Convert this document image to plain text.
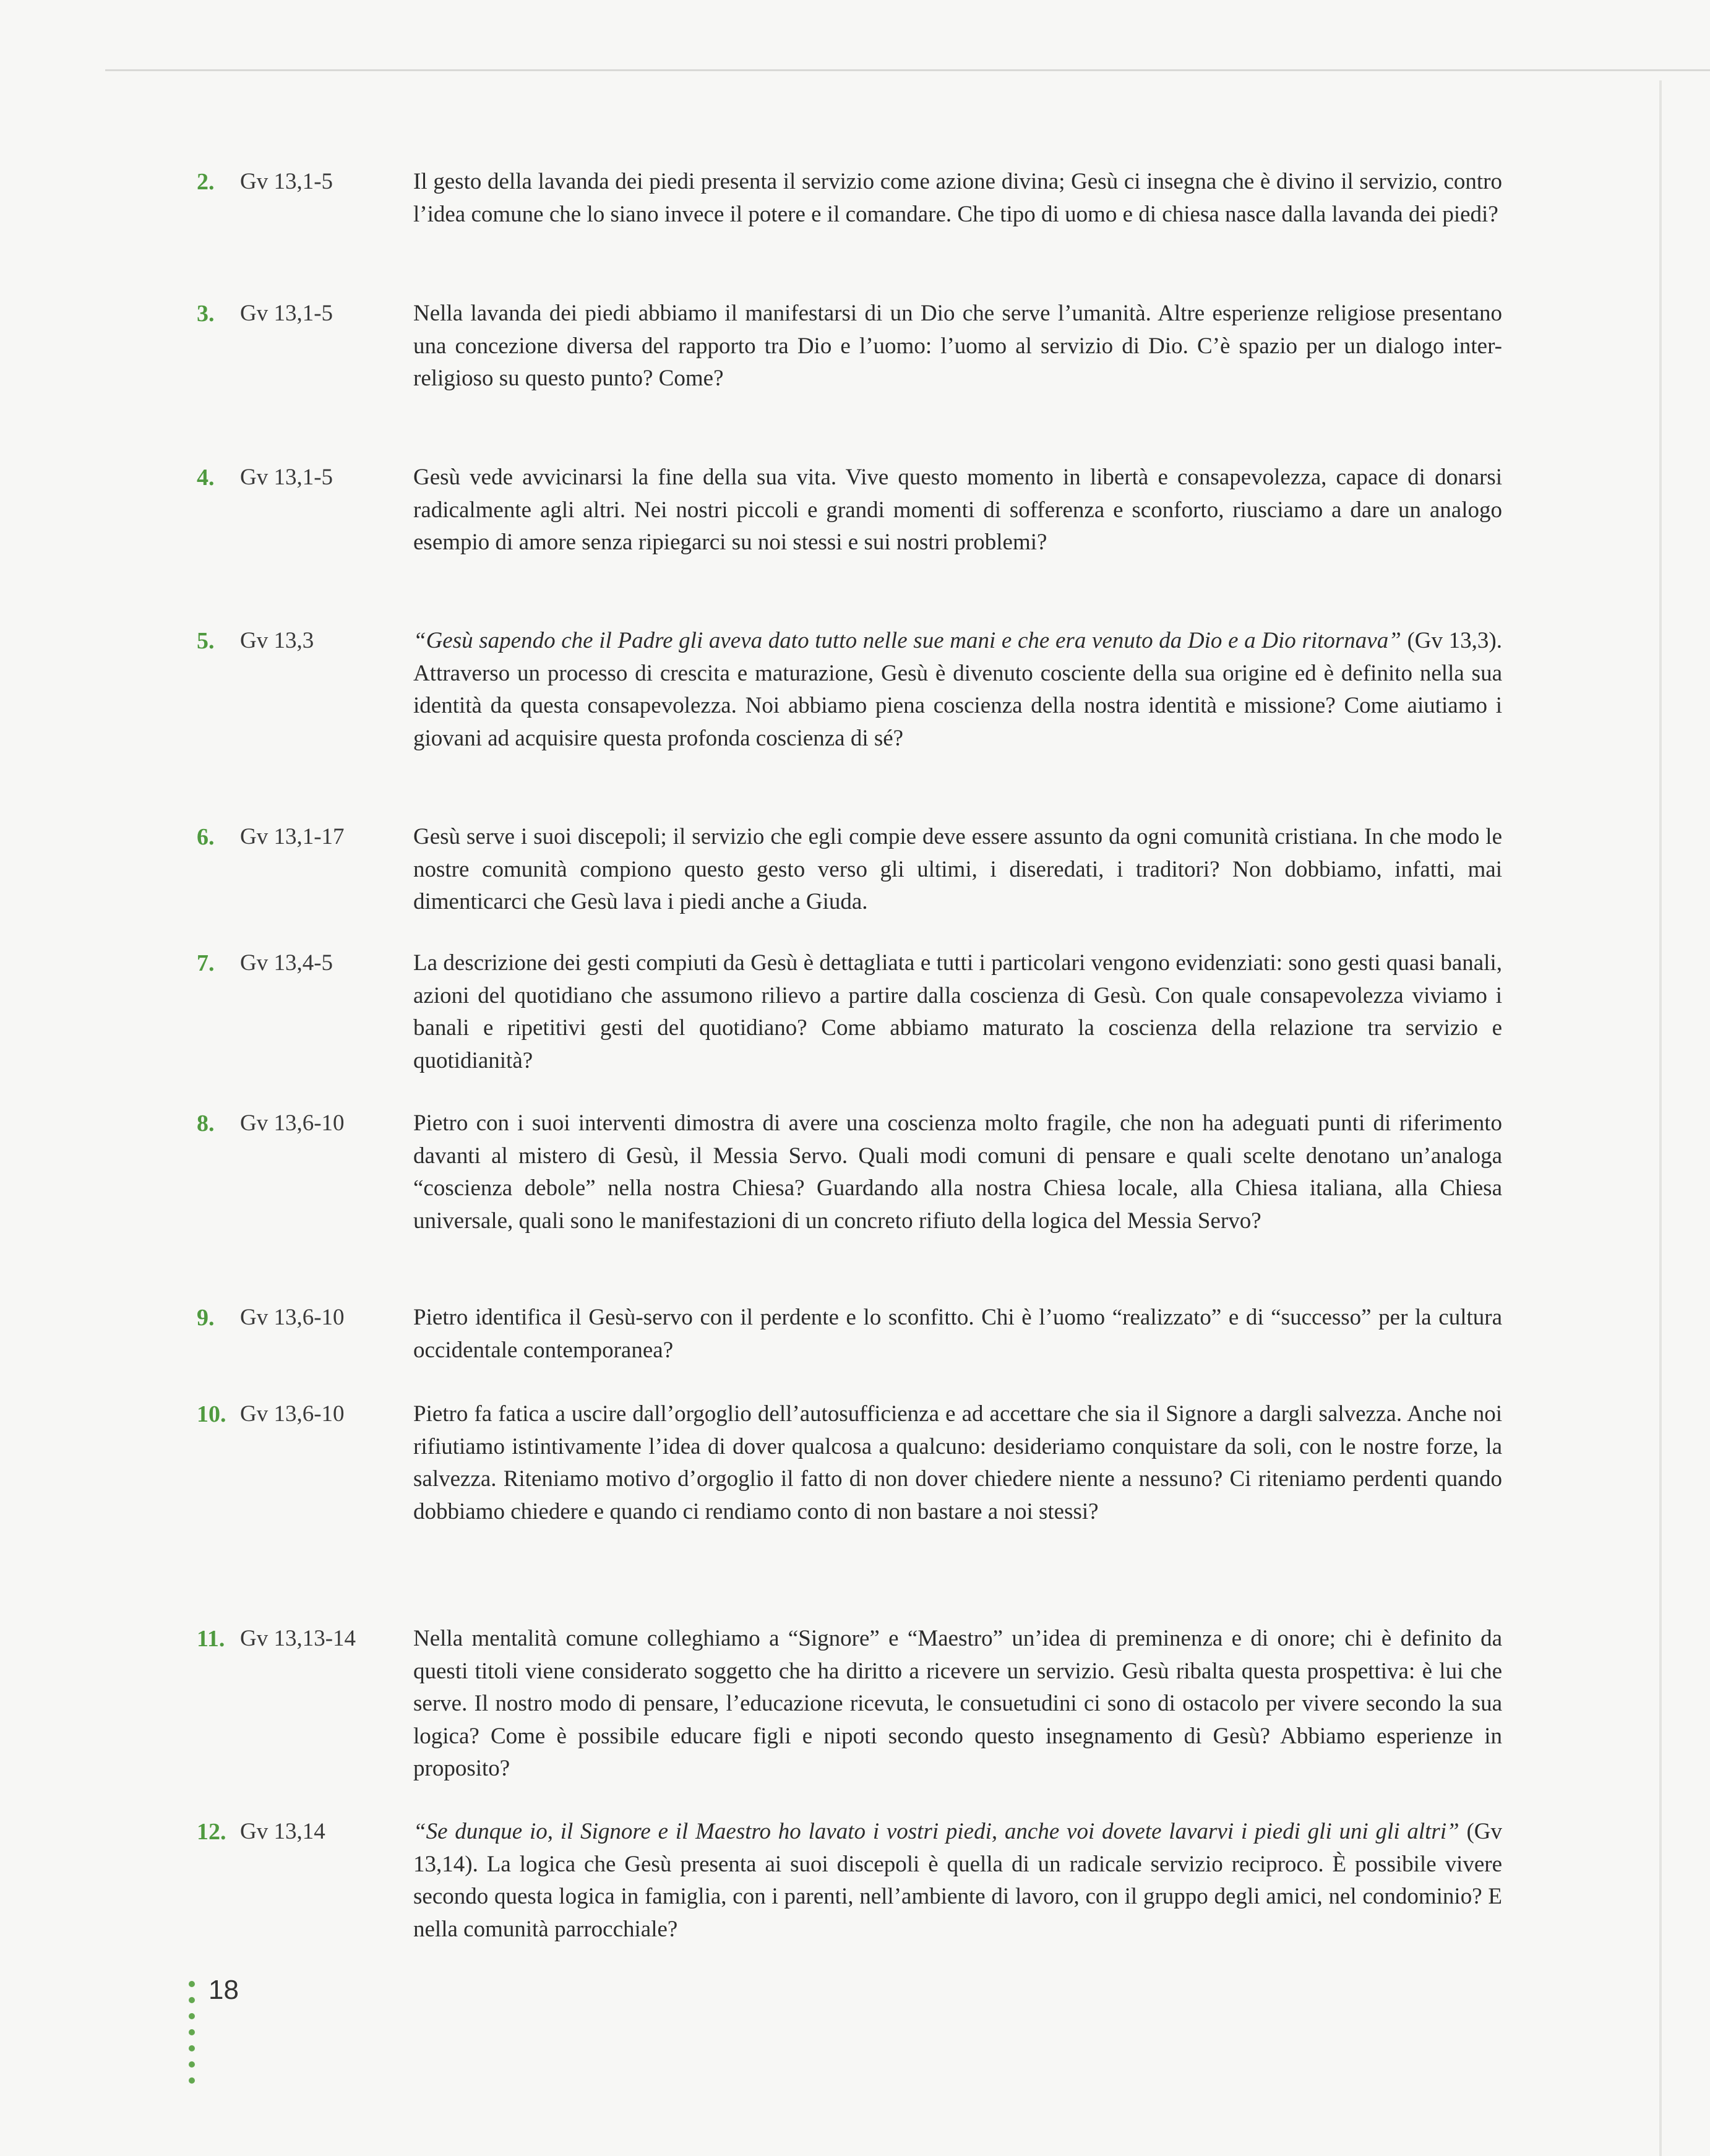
2. Gv 13,1-5	Il gesto della lavanda dei piedi presenta il servizio come azione divina; Gesù ci insegna che è divino il servizio, contro l’idea comune che lo siano invece il potere e il comandare. Che tipo di uomo e di chiesa nasce dalla lavanda dei piedi?
3. Gv 13,1-5	Nella lavanda dei piedi abbiamo il manifestarsi di un Dio che serve l’umanità. Altre esperienze religiose presentano una concezione diversa del rapporto tra Dio e l’uomo: l’uomo al servizio di Dio. C’è spazio per un dialogo inter-religioso su questo punto? Come?
4. Gv 13,1-5	Gesù vede avvicinarsi la fine della sua vita. Vive questo momento in libertà e consapevolezza, capace di donarsi radicalmente agli altri. Nei nostri piccoli e grandi momenti di sofferenza e sconforto, riusciamo a dare un analogo esempio di amore senza ripiegarci su noi stessi e sui nostri problemi?
5. Gv 13,3	“Gesù sapendo che il Padre gli aveva dato tutto nelle sue mani e che era venuto da Dio e a Dio ritornava” (Gv 13,3). Attraverso un processo di crescita e maturazione, Gesù è divenuto cosciente della sua origine ed è definito nella sua identità da questa consapevolezza. Noi abbiamo piena coscienza della nostra identità e missione? Come aiutiamo i giovani ad acquisire questa profonda coscienza di sé?
6. Gv 13,1-17	Gesù serve i suoi discepoli; il servizio che egli compie deve essere assunto da ogni comunità cristiana. In che modo le nostre comunità compiono questo gesto verso gli ultimi, i diseredati, i traditori? Non dobbiamo, infatti, mai dimenticarci che Gesù lava i piedi anche a Giuda.
7. Gv 13,4-5	La descrizione dei gesti compiuti da Gesù è dettagliata e tutti i particolari vengono evidenziati: sono gesti quasi banali, azioni del quotidiano che assumono rilievo a partire dalla coscienza di Gesù. Con quale consapevolezza viviamo i banali e ripetitivi gesti del quotidiano? Come abbiamo maturato la coscienza della relazione tra servizio e quotidianità?
8. Gv 13,6-10	Pietro con i suoi interventi dimostra di avere una coscienza molto fragile, che non ha adeguati punti di riferimento davanti al mistero di Gesù, il Messia Servo. Quali modi comuni di pensare e quali scelte denotano un’analoga “coscienza debole” nella nostra Chiesa? Guardando alla nostra Chiesa locale, alla Chiesa italiana, alla Chiesa universale, quali sono le manifestazioni di un concreto rifiuto della logica del Messia Servo?
9. Gv 13,6-10	Pietro identifica il Gesù-servo con il perdente e lo sconfitto. Chi è l’uomo “realizzato” e di “successo” per la cultura occidentale contemporanea?
10. Gv 13,6-10	Pietro fa fatica a uscire dall’orgoglio dell’autosufficienza e ad accettare che sia il Signore a dargli salvezza. Anche noi rifiutiamo istintivamente l’idea di dover qualcosa a qualcuno: desideriamo conquistare da soli, con le nostre forze, la salvezza. Riteniamo motivo d’orgoglio il fatto di non dover chiedere niente a nessuno? Ci riteniamo perdenti quando dobbiamo chiedere e quando ci rendiamo conto di non bastare a noi stessi?
11. Gv 13,13-14	Nella mentalità comune colleghiamo a “Signore” e “Maestro” un’idea di preminenza e di onore; chi è definito da questi titoli viene considerato soggetto che ha diritto a ricevere un servizio. Gesù ribalta questa prospettiva: è lui che serve. Il nostro modo di pensare, l’educazione ricevuta, le consuetudini ci sono di ostacolo per vivere secondo la sua logica? Come è possibile educare figli e nipoti secondo questo insegnamento di Gesù? Abbiamo esperienze in proposito?
12. Gv 13,14	“Se dunque io, il Signore e il Maestro ho lavato i vostri piedi, anche voi dovete lavarvi i piedi gli uni gli altri” (Gv 13,14). La logica che Gesù presenta ai suoi discepoli è quella di un radicale servizio reciproco. È possibile vivere secondo questa logica in famiglia, con i parenti, nell’ambiente di lavoro, con il gruppo degli amici, nel condominio? E nella comunità parrocchiale?
18
